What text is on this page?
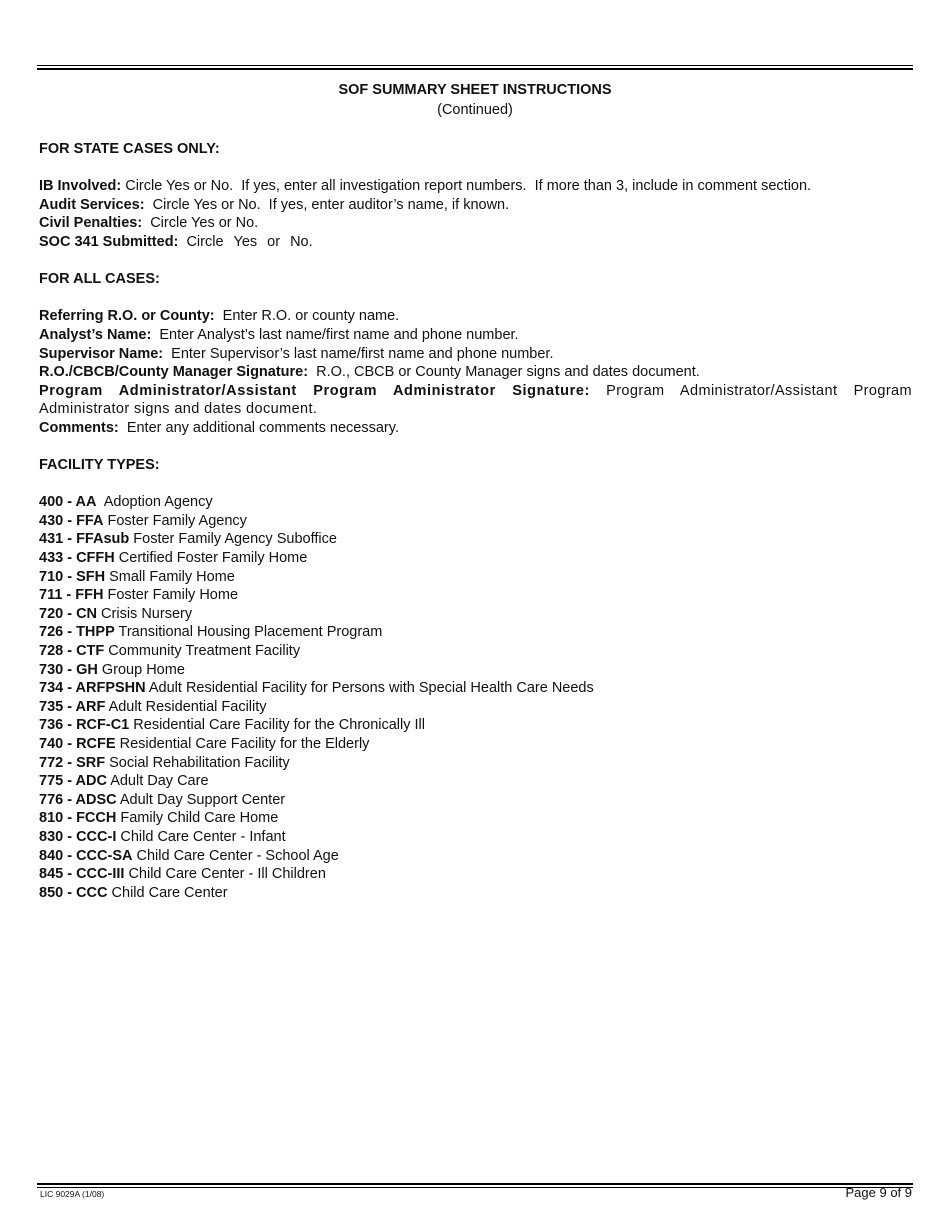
SOF SUMMARY SHEET INSTRUCTIONS
(Continued)
FOR STATE CASES ONLY:
IB Involved: Circle Yes or No.  If yes, enter all investigation report numbers.  If more than 3, include in comment section.
Audit Services:  Circle Yes or No.  If yes, enter auditor’s name, if known.
Civil Penalties:  Circle Yes or No.
SOC 341 Submitted: Circle Yes or No.
FOR ALL CASES:
Referring R.O. or County:  Enter R.O. or county name.
Analyst’s Name:  Enter Analyst’s last name/first name and phone number.
Supervisor Name:  Enter Supervisor’s last name/first name and phone number.
R.O./CBCB/County Manager Signature:  R.O., CBCB or County Manager signs and dates document.
Program Administrator/Assistant Program Administrator Signature: Program Administrator/Assistant Program Administrator signs and dates document.
Comments:  Enter any additional comments necessary.
FACILITY TYPES:
400 - AA  Adoption Agency
430 - FFA Foster Family Agency
431 - FFAsub Foster Family Agency Suboffice
433 - CFFH Certified Foster Family Home
710 - SFH Small Family Home
711 - FFH Foster Family Home
720 - CN Crisis Nursery
726 - THPP Transitional Housing Placement Program
728 - CTF Community Treatment Facility
730 - GH Group Home
734 - ARFPSHN Adult Residential Facility for Persons with Special Health Care Needs
735 - ARF Adult Residential Facility
736 - RCF-C1 Residential Care Facility for the Chronically Ill
740 - RCFE Residential Care Facility for the Elderly
772 - SRF Social Rehabilitation Facility
775 - ADC Adult Day Care
776 - ADSC Adult Day Support Center
810 - FCCH Family Child Care Home
830 - CCC-I Child Care Center - Infant
840 - CCC-SA Child Care Center - School Age
845 - CCC-III Child Care Center - Ill Children
850 - CCC Child Care Center
LIC 9029A (1/08)	Page 9 of 9
